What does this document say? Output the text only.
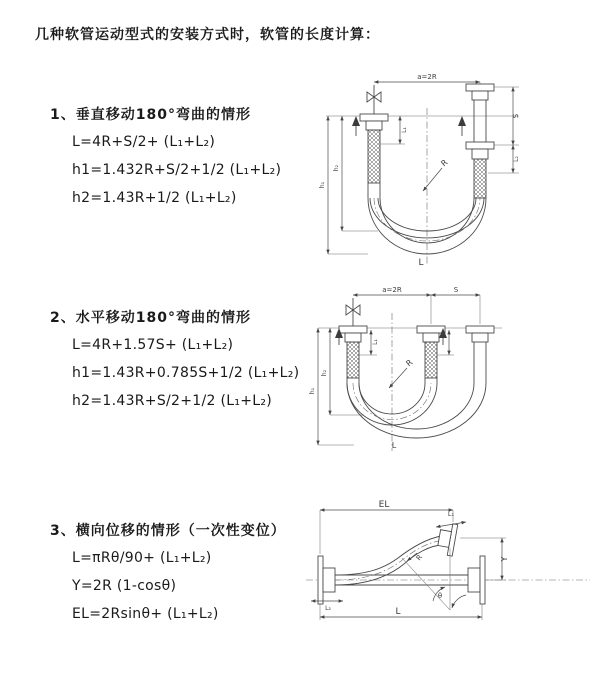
几种软管运动型式的安装方式时，软管的长度计算：
1、垂直移动180°弯曲的情形
L=4R+S/2+ (L₁+L₂)
h1=1.432R+S/2+1/2 (L₁+L₂)
h2=1.43R+1/2 (L₁+L₂)
a=2R
S
L₂
L₁
h₁
h₂	R
L
2、水平移动180°弯曲的情形
L=4R+1.57S+ (L₁+L₂)
h1=1.43R+0.785S+1/2 (L₁+L₂)
h2=1.43R+S/2+1/2 (L₁+L₂)
a=2R	S
L₁
h₁
h₂
R
L
3、横向位移的情形（一次性变位）
L=πRθ/90+ (L₁+L₂)
Y=2R (1-cosθ)
EL=2Rsinθ+ (L₁+L₂)
EL
L₁
Y
L
L₂
θ
R
